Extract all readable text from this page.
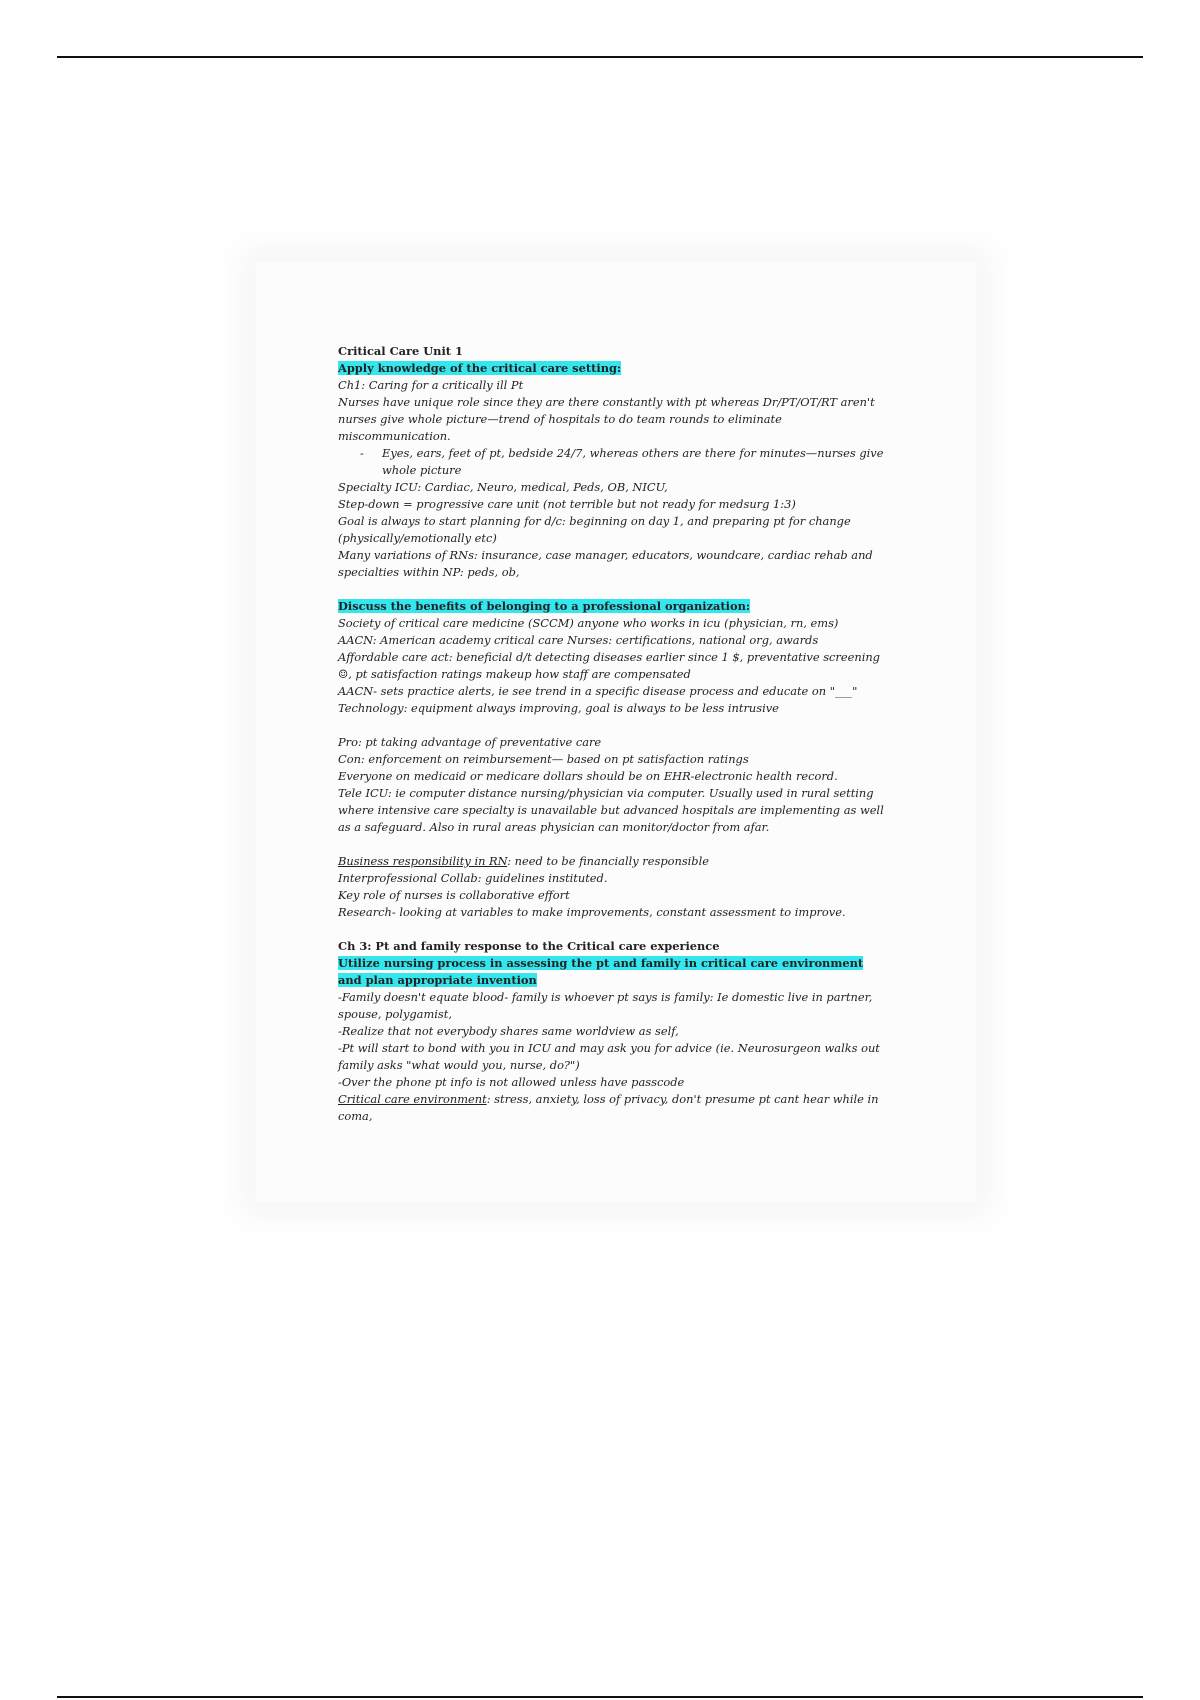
Critical Care Unit 1
Apply knowledge of the critical care setting:
Ch1: Caring for a critically ill Pt
Nurses have unique role since they are there constantly with pt whereas Dr/PT/OT/RT aren't
nurses give whole picture—trend of hospitals to do team rounds to eliminate
miscommunication.
-	Eyes, ears, feet of pt, bedside 24/7, whereas others are there for minutes—nurses give
whole picture
Specialty ICU: Cardiac, Neuro, medical, Peds, OB, NICU,
Step-down = progressive care unit (not terrible but not ready for medsurg 1:3)
Goal is always to start planning for d/c: beginning on day 1, and preparing pt for change
(physically/emotionally etc)
Many variations of RNs: insurance, case manager, educators, woundcare, cardiac rehab and
specialties within NP: peds, ob,
Discuss the benefits of belonging to a professional organization:
Society of critical care medicine (SCCM) anyone who works in icu (physician, rn, ems)
AACN: American academy critical care Nurses: certifications, national org, awards
Affordable care act: beneficial d/t detecting diseases earlier since 1 $, preventative screening
☺, pt satisfaction ratings makeup how staff are compensated
AACN- sets practice alerts, ie see trend in a specific disease process and educate on "___"
Technology: equipment always improving, goal is always to be less intrusive
Pro: pt taking advantage of preventative care
Con: enforcement on reimbursement— based on pt satisfaction ratings
Everyone on medicaid or medicare dollars should be on EHR-electronic health record.
Tele ICU: ie computer distance nursing/physician via computer. Usually used in rural setting
where intensive care specialty is unavailable but advanced hospitals are implementing as well
as a safeguard. Also in rural areas physician can monitor/doctor from afar.
Business responsibility in RN: need to be financially responsible
Interprofessional Collab: guidelines instituted.
Key role of nurses is collaborative effort
Research- looking at variables to make improvements, constant assessment to improve.
Ch 3: Pt and family response to the Critical care experience
Utilize nursing process in assessing the pt and family in critical care environment
and plan appropriate invention
-Family doesn't equate blood- family is whoever pt says is family: Ie domestic live in partner,
spouse, polygamist,
-Realize that not everybody shares same worldview as self,
-Pt will start to bond with you in ICU and may ask you for advice (ie. Neurosurgeon walks out
family asks "what would you, nurse, do?")
-Over the phone pt info is not allowed unless have passcode
Critical care environment: stress, anxiety, loss of privacy, don't presume pt cant hear while in
coma,
